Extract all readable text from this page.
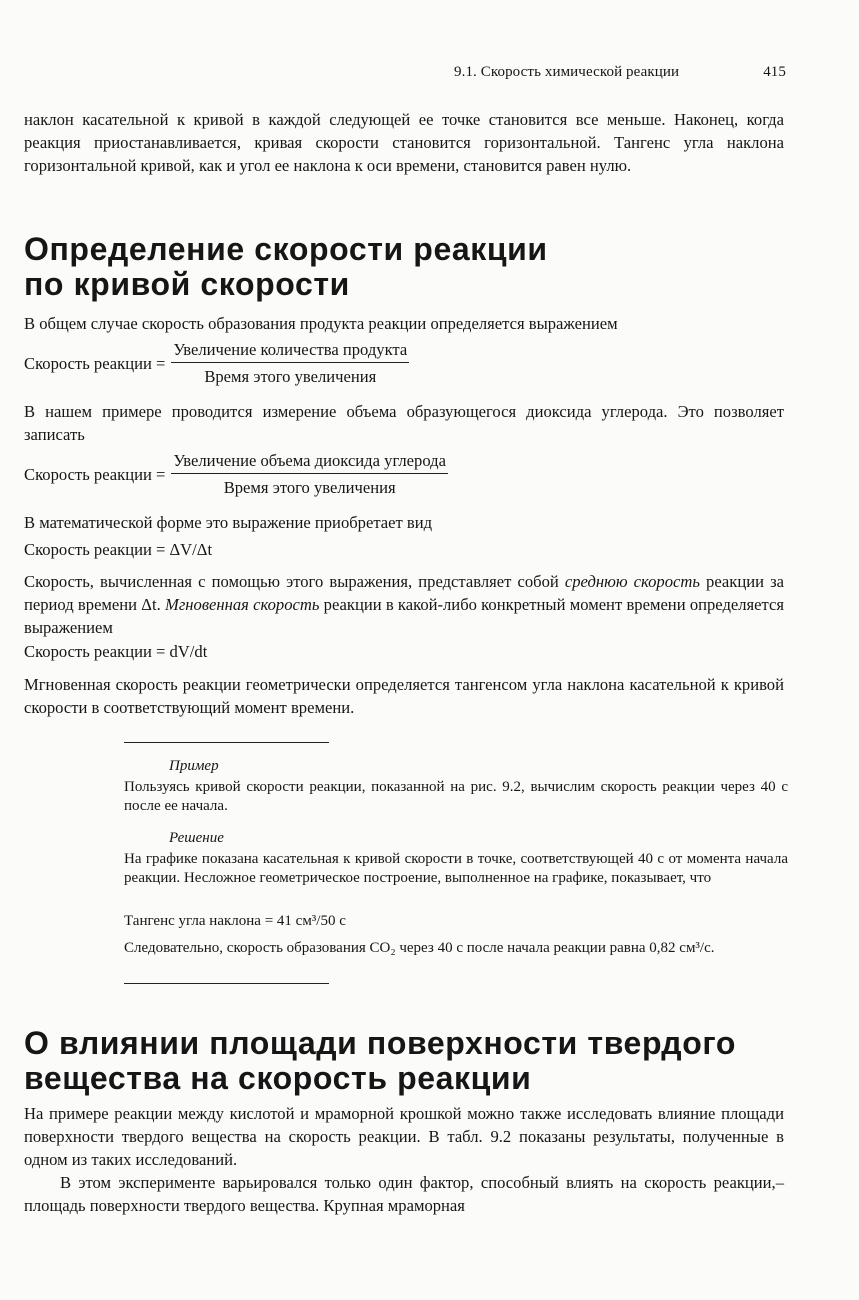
9.1. Скорость химической реакции	415

наклон касательной к кривой в каждой следующей ее точке становится все меньше. Наконец, когда реакция приостанавливается, кривая скорости становится горизонтальной. Тангенс угла наклона горизонтальной кривой, как и угол ее наклона к оси времени, становится равен нулю.

Определение скорости реакции
по кривой скорости

В общем случае скорость образования продукта реакции определяется выражением

Скорость реакции = $\frac{\text{Увеличение количества продукта}}{\text{Время этого увеличения}}$

В нашем примере проводится измерение объема образующегося диоксида углерода. Это позволяет записать

Скорость реакции = $\frac{\text{Увеличение объема диоксида углерода}}{\text{Время этого увеличения}}$

В математической форме это выражение приобретает вид

Скорость реакции = ΔV/Δt

Скорость, вычисленная с помощью этого выражения, представляет собой среднюю скорость реакции за период времени Δt. Мгновенная скорость реакции в какой-либо конкретный момент времени определяется выражением

Скорость реакции = dV/dt

Мгновенная скорость реакции геометрически определяется тангенсом угла наклона касательной к кривой скорости в соответствующий момент времени.

Пример

Пользуясь кривой скорости реакции, показанной на рис. 9.2, вычислим скорость реакции через 40 с после ее начала.

Решение

На графике показана касательная к кривой скорости в точке, соответствующей 40 с от момента начала реакции. Несложное геометрическое построение, выполненное на графике, показывает, что

Тангенс угла наклона = 41 см³/50 с

Следовательно, скорость образования CO₂ через 40 с после начала реакции равна 0,82 см³/с.

О влиянии площади поверхности твердого
вещества на скорость реакции

На примере реакции между кислотой и мраморной крошкой можно также исследовать влияние площади поверхности твердого вещества на скорость реакции. В табл. 9.2 показаны результаты, полученные в одном из таких исследований.

В этом эксперименте варьировался только один фактор, способный влиять на скорость реакции,– площадь поверхности твердого вещества. Крупная мраморная
